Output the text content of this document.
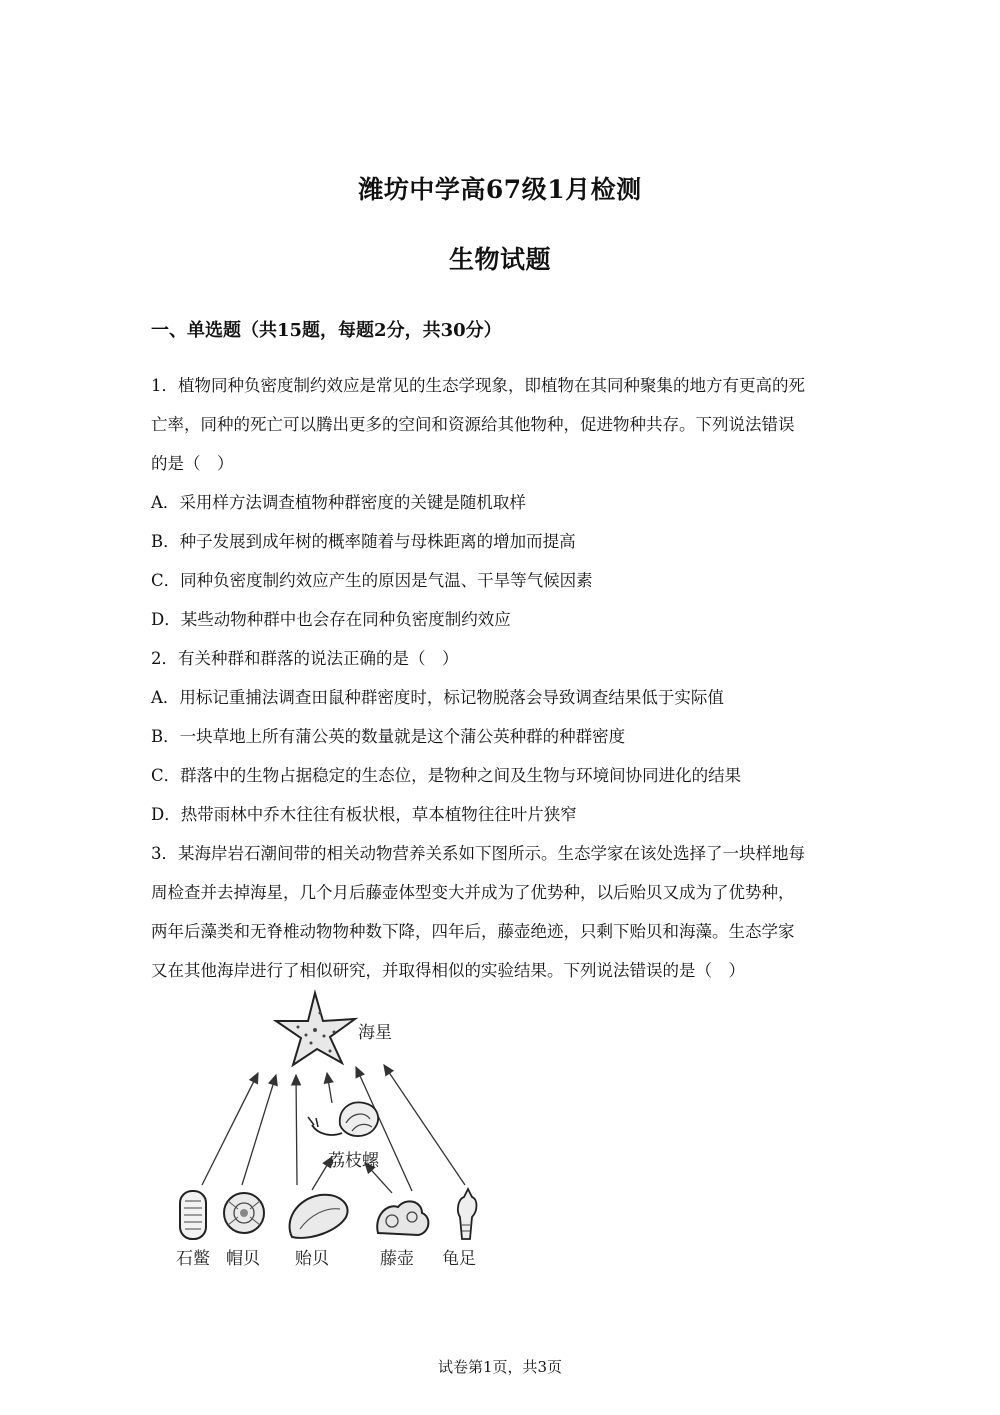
潍坊中学高67级1月检测
生物试题
一、单选题（共15题，每题2分，共30分）
1．植物同种负密度制约效应是常见的生态学现象，即植物在其同种聚集的地方有更高的死
亡率，同种的死亡可以腾出更多的空间和资源给其他物种，促进物种共存。下列说法错误
的是（　）
A．采用样方法调查植物种群密度的关键是随机取样
B．种子发展到成年树的概率随着与母株距离的增加而提高
C．同种负密度制约效应产生的原因是气温、干旱等气候因素
D．某些动物种群中也会存在同种负密度制约效应
2．有关种群和群落的说法正确的是（　）
A．用标记重捕法调查田鼠种群密度时，标记物脱落会导致调查结果低于实际值
B．一块草地上所有蒲公英的数量就是这个蒲公英种群的种群密度
C．群落中的生物占据稳定的生态位，是物种之间及生物与环境间协同进化的结果
D．热带雨林中乔木往往有板状根，草本植物往往叶片狭窄
3．某海岸岩石潮间带的相关动物营养关系如下图所示。生态学家在该处选择了一块样地每
周检查并去掉海星，几个月后藤壶体型变大并成为了优势种，以后贻贝又成为了优势种，
两年后藻类和无脊椎动物物种数下降，四年后，藤壶绝迹，只剩下贻贝和海藻。生态学家
又在其他海岸进行了相似研究，并取得相似的实验结果。下列说法错误的是（　）
海星
荔枝螺
石鳖 帽贝 贻贝	藤壶 龟足
试卷第1页，共3页
